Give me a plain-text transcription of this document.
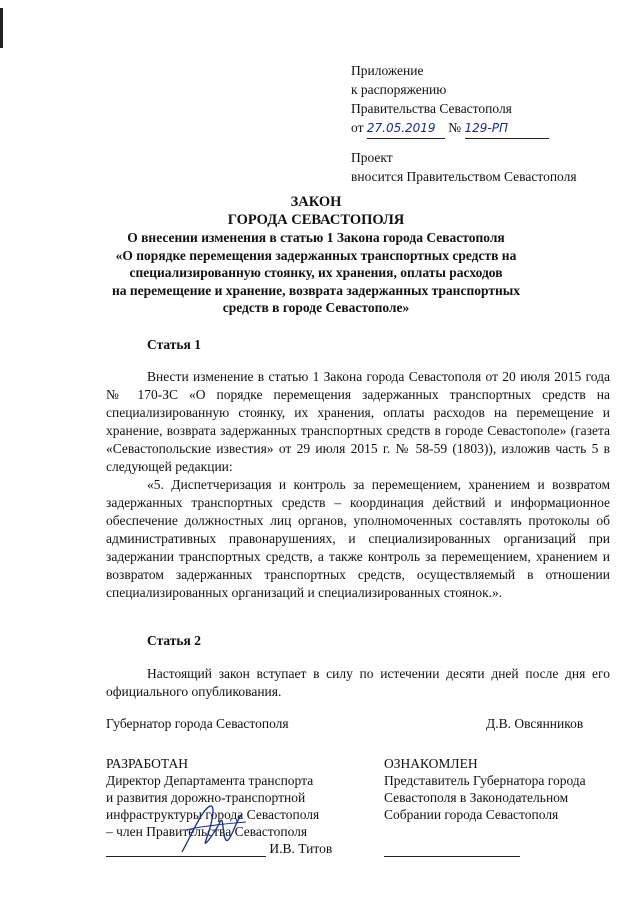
Приложение
к распоряжению
Правительства Севастополя
от 27.05.2019 № 129-РП
Проект
вносится Правительством Севастополя
ЗАКОН
ГОРОДА СЕВАСТОПОЛЯ
О внесении изменения в статью 1 Закона города Севастополя
«О порядке перемещения задержанных транспортных средств на
специализированную стоянку, их хранения, оплаты расходов
на перемещение и хранение, возврата задержанных транспортных
средств в городе Севастополе»
Статья 1

Внести изменение в статью 1 Закона города Севастополя от 20 июля 2015 года № 170-ЗС «О порядке перемещения задержанных транспортных средств на специализированную стоянку, их хранения, оплаты расходов на перемещение и хранение, возврата задержанных транспортных средств в городе Севастополе» (газета «Севастопольские известия» от 29 июля 2015 г. № 58-59 (1803)), изложив часть 5 в следующей редакции:

«5. Диспетчеризация и контроль за перемещением, хранением и возвратом задержанных транспортных средств – координация действий и информационное обеспечение должностных лиц органов, уполномоченных составлять протоколы об административных правонарушениях, и специализированных организаций при задержании транспортных средств, а также контроль за перемещением, хранением и возвратом задержанных транспортных средств, осуществляемый в отношении специализированных организаций и специализированных стоянок.».

Статья 2

Настоящий закон вступает в силу по истечении десяти дней после дня его официального опубликования.

Губернатор города Севастополя	Д.В. Овсянников
РАЗРАБОТАН
Директор Департамента транспорта
и развития дорожно-транспортной
инфраструктуры города Севастополя
– член Правительства Севастополя
И.В. Титов
ОЗНАКОМЛЕН
Представитель Губернатора города
Севастополя в Законодательном
Собрании города Севастополя
